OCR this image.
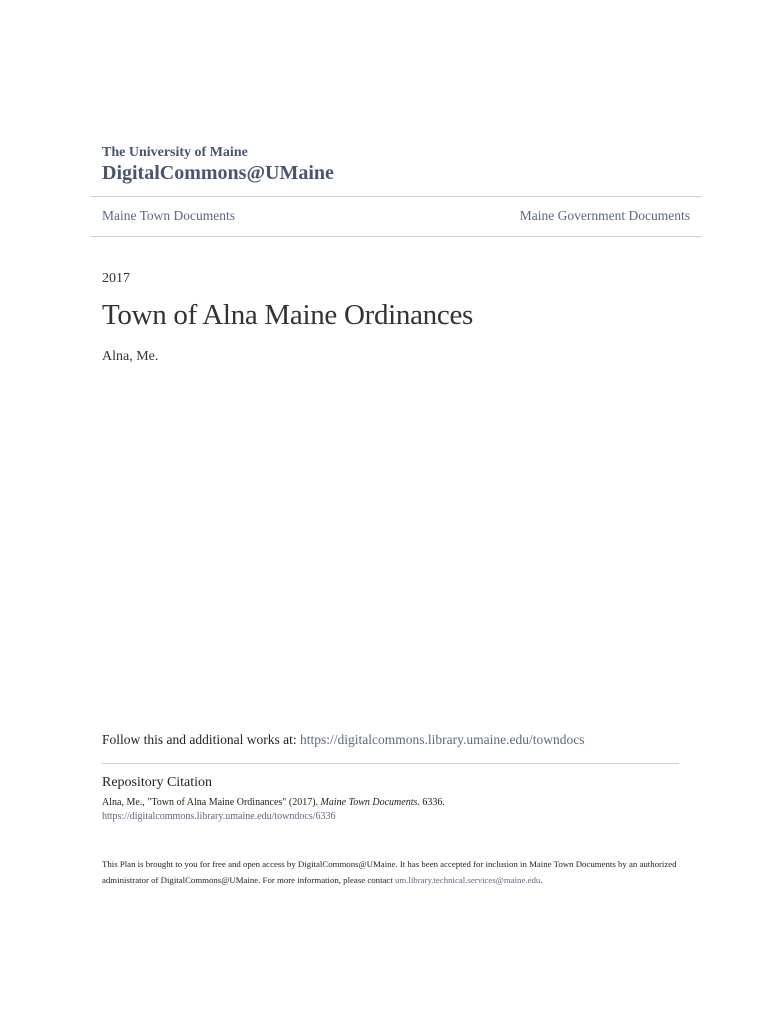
The University of Maine
DigitalCommons@UMaine
Maine Town Documents	Maine Government Documents
2017
Town of Alna Maine Ordinances
Alna, Me.
Follow this and additional works at: https://digitalcommons.library.umaine.edu/towndocs
Repository Citation
Alna, Me., "Town of Alna Maine Ordinances" (2017). Maine Town Documents. 6336.
https://digitalcommons.library.umaine.edu/towndocs/6336
This Plan is brought to you for free and open access by DigitalCommons@UMaine. It has been accepted for inclusion in Maine Town Documents by an authorized administrator of DigitalCommons@UMaine. For more information, please contact um.library.technical.services@maine.edu.
